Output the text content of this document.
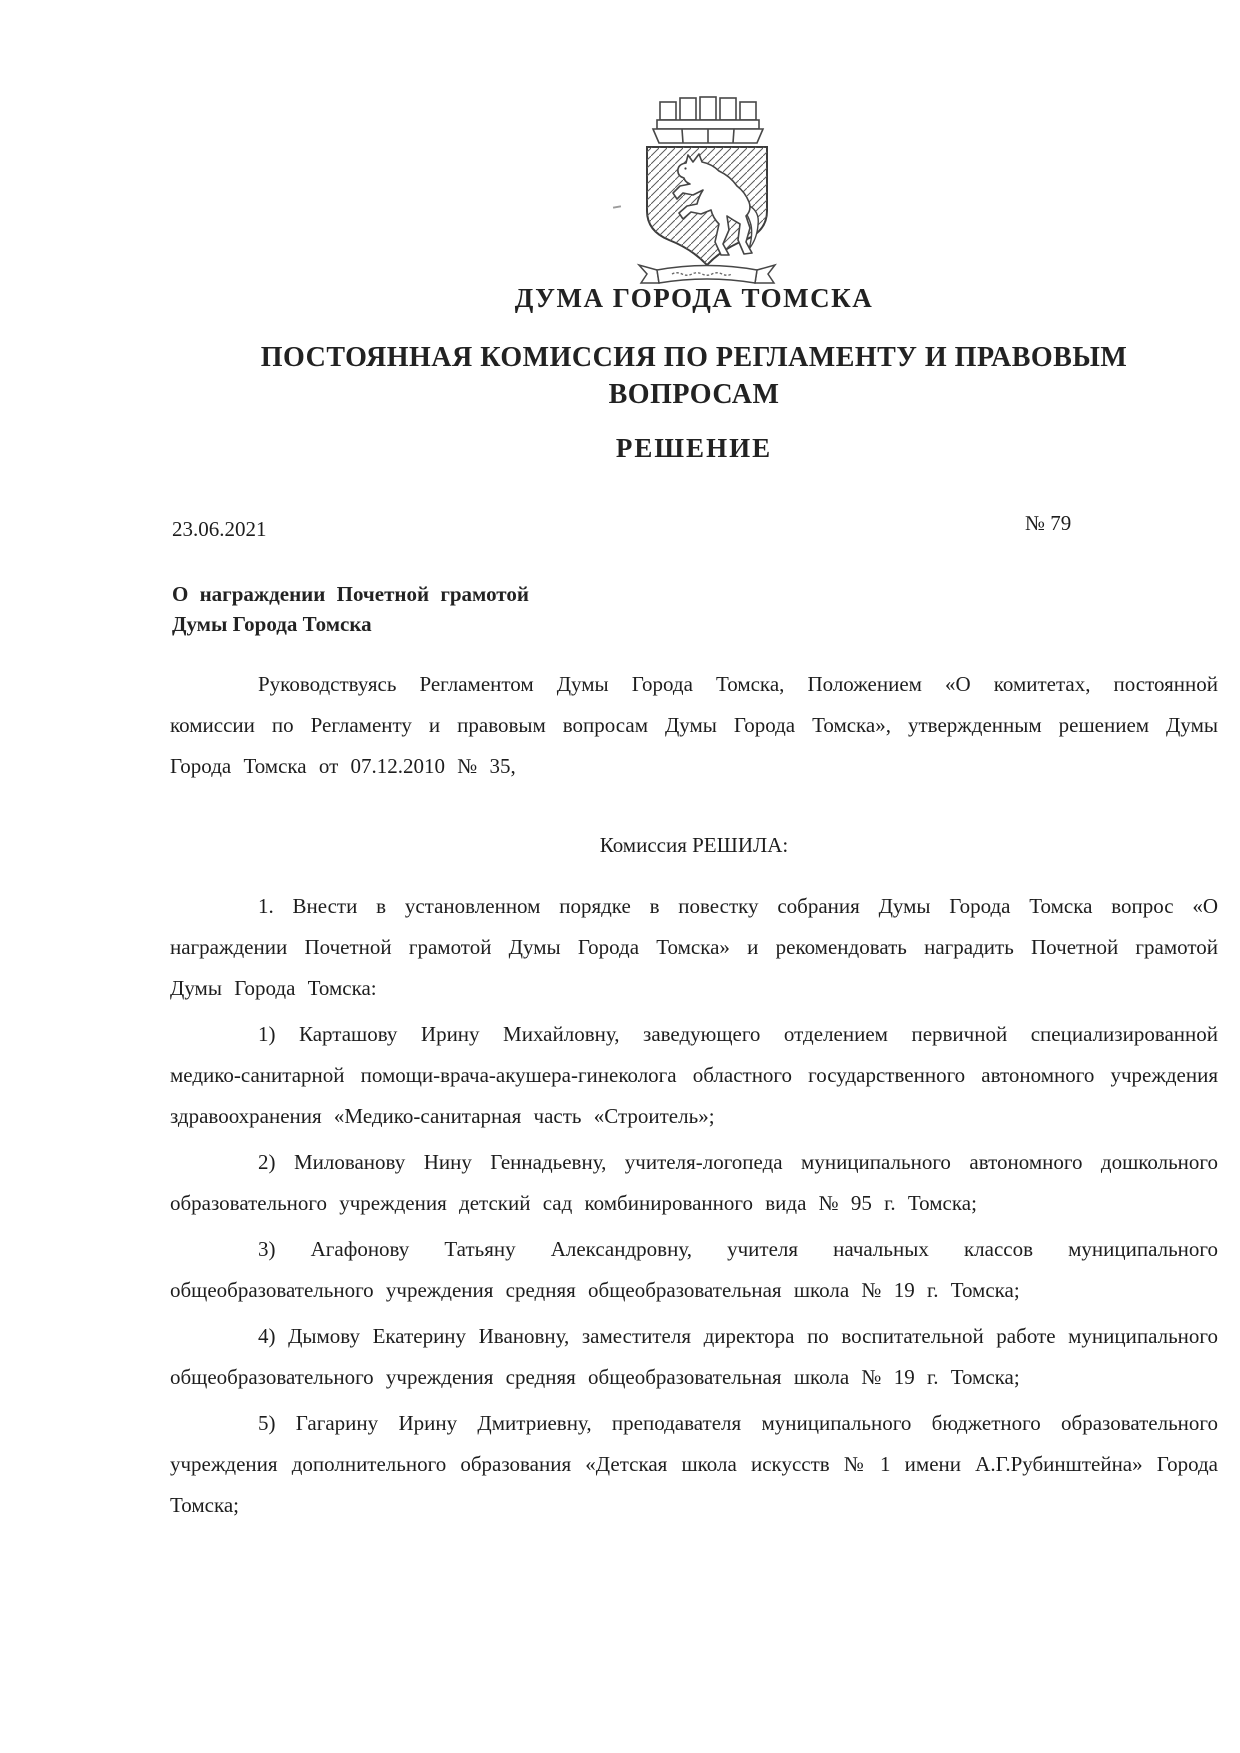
ДУМА ГОРОДА ТОМСКА
ПОСТОЯННАЯ КОМИССИЯ ПО РЕГЛАМЕНТУ И ПРАВОВЫМ
ВОПРОСАМ
РЕШЕНИЕ
23.06.2021	№ 79
О награждении Почетной грамотой
Думы Города Томска
Руководствуясь Регламентом Думы Города Томска, Положением «О комитетах, постоянной комиссии по Регламенту и правовым вопросам Думы Города Томска», утвержденным решением Думы Города Томска от 07.12.2010 № 35,
Комиссия РЕШИЛА:

1. Внести в установленном порядке в повестку собрания Думы Города Томска вопрос «О награждении Почетной грамотой Думы Города Томска» и рекомендовать наградить Почетной грамотой Думы Города Томска:

1) Карташову Ирину Михайловну, заведующего отделением первичной специализированной медико-санитарной помощи-врача-акушера-гинеколога областного государственного автономного учреждения здравоохранения «Медико-санитарная часть «Строитель»;

2) Милованову Нину Геннадьевну, учителя-логопеда муниципального автономного дошкольного образовательного учреждения детский сад комбинированного вида № 95 г. Томска;

3) Агафонову Татьяну Александровну, учителя начальных классов муниципального общеобразовательного учреждения средняя общеобразовательная школа № 19 г. Томска;

4) Дымову Екатерину Ивановну, заместителя директора по воспитательной работе муниципального общеобразовательного учреждения средняя общеобразовательная школа № 19 г. Томска;

5) Гагарину Ирину Дмитриевну, преподавателя муниципального бюджетного образовательного учреждения дополнительного образования «Детская школа искусств № 1 имени А.Г.Рубинштейна» Города Томска;
